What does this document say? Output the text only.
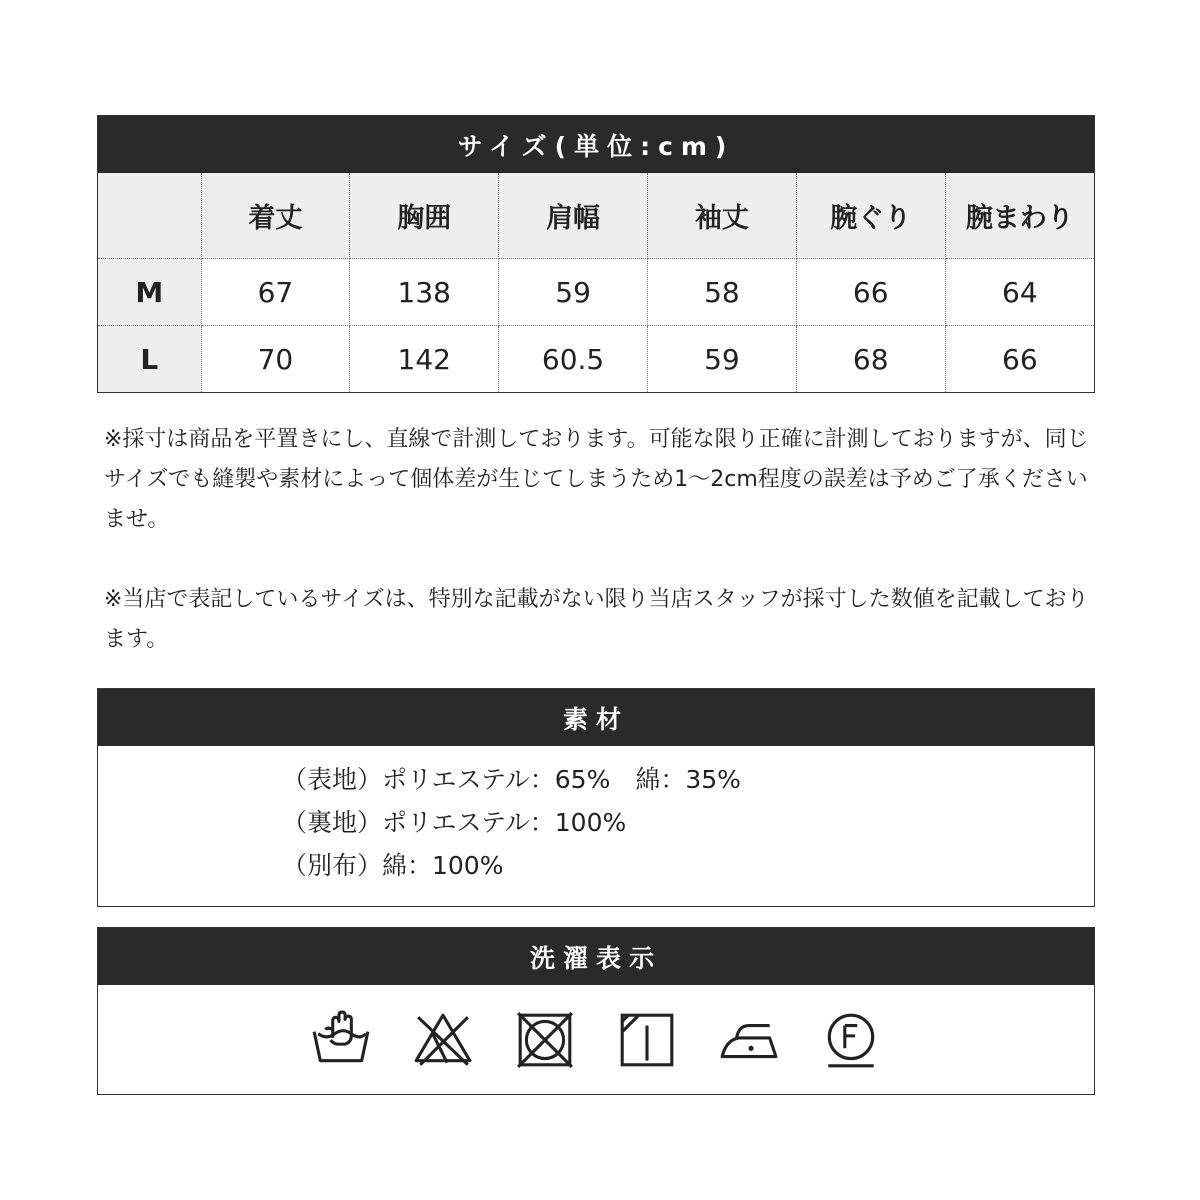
サイズ(単位:cm)
	着丈	胸囲	肩幅	袖丈	腕ぐり	腕まわり
M	67	138	59	58	66	64
L	70	142	60.5	59	68	66
※採寸は商品を平置きにし、直線で計測しております。可能な限り正確に計測しておりますが、同じサイズでも縫製や素材によって個体差が生じてしまうため1〜2cm程度の誤差は予めご了承くださいませ。
※当店で表記しているサイズは、特別な記載がない限り当店スタッフが採寸した数値を記載しております。
素材
（表地）ポリエステル：65%　綿：35%
（裏地）ポリエステル：100%
（別布）綿：100%
洗濯表示
